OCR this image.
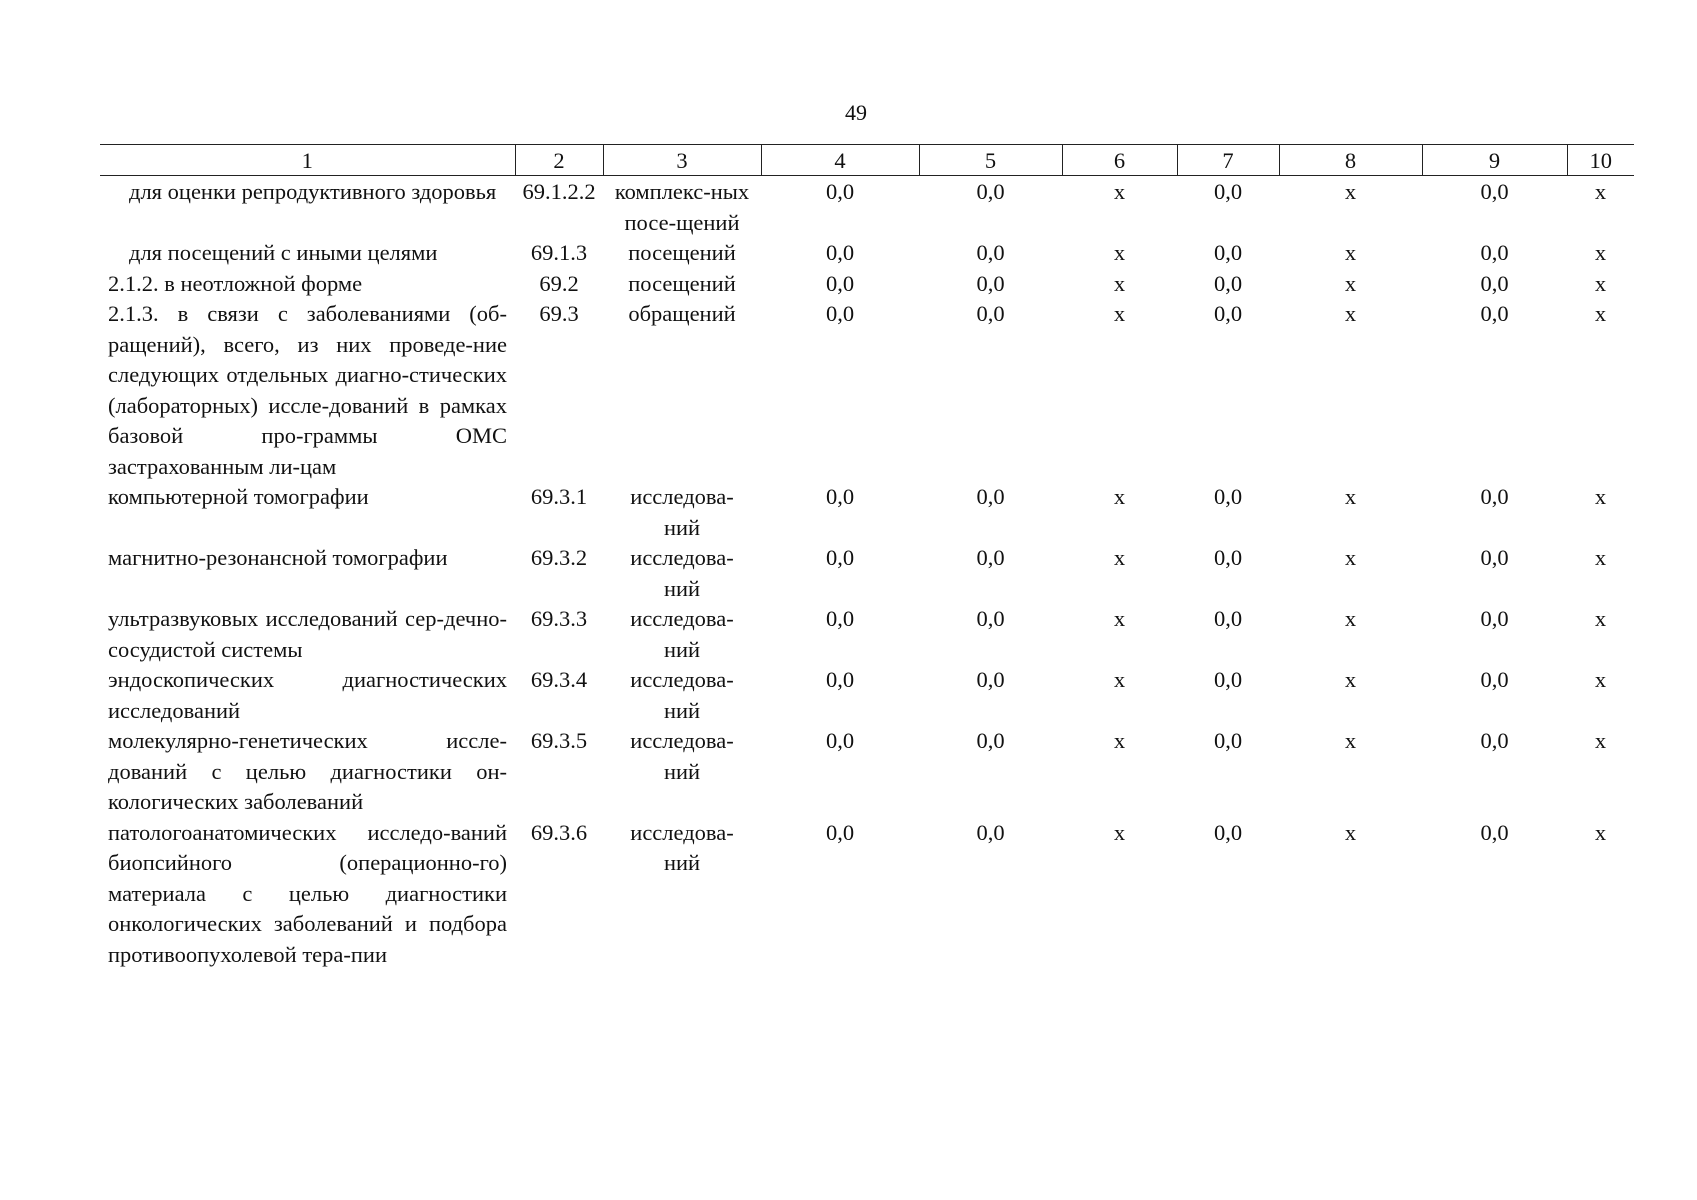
49
1	2	3	4	5	6	7	8	9	10
для оценки репродуктивного здоровья	69.1.2.2	комплекс-ных посе-щений	0,0	0,0	x	0,0	x	0,0	x
для посещений с иными целями	69.1.3	посещений	0,0	0,0	x	0,0	x	0,0	x
2.1.2. в неотложной форме	69.2	посещений	0,0	0,0	x	0,0	x	0,0	x
2.1.3. в связи с заболеваниями (об-ращений), всего, из них проведе-ние следующих отдельных диагно-стических (лабораторных) иссле-дований в рамках базовой про-граммы ОМС застрахованным ли-цам	69.3	обращений	0,0	0,0	x	0,0	x	0,0	x
компьютерной томографии	69.3.1	исследова-ний	0,0	0,0	x	0,0	x	0,0	x
магнитно-резонансной томографии	69.3.2	исследова-ний	0,0	0,0	x	0,0	x	0,0	x
ультразвуковых исследований сер-дечно-сосудистой системы	69.3.3	исследова-ний	0,0	0,0	x	0,0	x	0,0	x
эндоскопических диагностических исследований	69.3.4	исследова-ний	0,0	0,0	x	0,0	x	0,0	x
молекулярно-генетических иссле-дований с целью диагностики он-кологических заболеваний	69.3.5	исследова-ний	0,0	0,0	x	0,0	x	0,0	x
патологоанатомических исследо-ваний биопсийного (операционно-го) материала с целью диагностики онкологических заболеваний и подбора противоопухолевой тера-пии	69.3.6	исследова-ний	0,0	0,0	x	0,0	x	0,0	x
